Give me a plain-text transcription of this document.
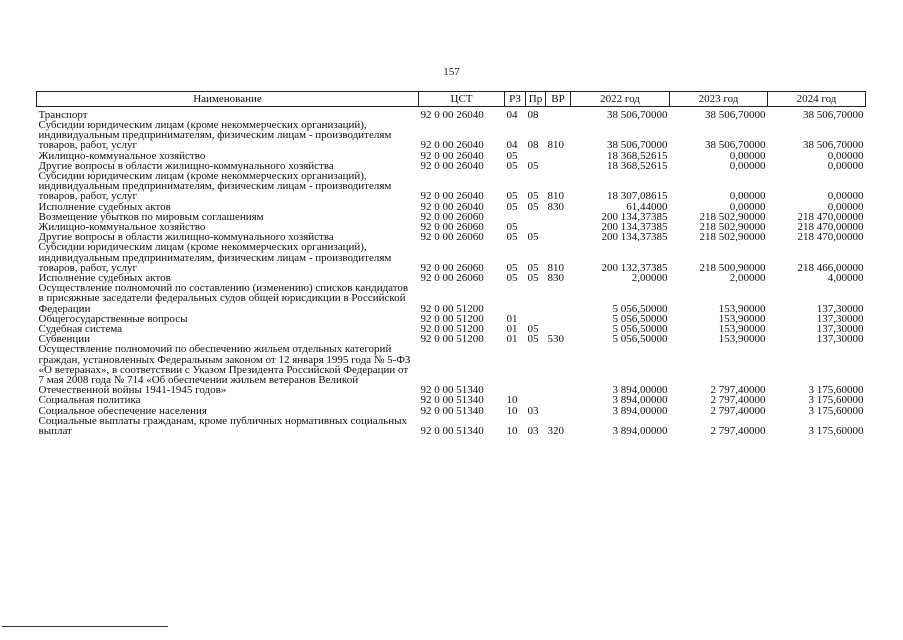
157
Наименование	ЦСТ	РЗ	Пр	ВР	2022 год	2023 год	2024 год
Транспорт	92 0 00 26040	04	08		38 506,70000	38 506,70000	38 506,70000
Субсидии юридическим лицам (кроме некоммерческих организаций), индивидуальным предпринимателям, физическим лицам - производителям товаров, работ, услуг	92 0 00 26040	04	08	810	38 506,70000	38 506,70000	38 506,70000
Жилищно-коммунальное хозяйство	92 0 00 26040	05			18 368,52615	0,00000	0,00000
Другие вопросы в области жилищно-коммунального хозяйства	92 0 00 26040	05	05		18 368,52615	0,00000	0,00000
Субсидии юридическим лицам (кроме некоммерческих организаций), индивидуальным предпринимателям, физическим лицам - производителям товаров, работ, услуг	92 0 00 26040	05	05	810	18 307,08615	0,00000	0,00000
Исполнение судебных актов	92 0 00 26040	05	05	830	61,44000	0,00000	0,00000
Возмещение убытков по мировым соглашениям	92 0 00 26060				200 134,37385	218 502,90000	218 470,00000
Жилищно-коммунальное хозяйство	92 0 00 26060	05			200 134,37385	218 502,90000	218 470,00000
Другие вопросы в области жилищно-коммунального хозяйства	92 0 00 26060	05	05		200 134,37385	218 502,90000	218 470,00000
Субсидии юридическим лицам (кроме некоммерческих организаций), индивидуальным предпринимателям, физическим лицам - производителям товаров, работ, услуг	92 0 00 26060	05	05	810	200 132,37385	218 500,90000	218 466,00000
Исполнение судебных актов	92 0 00 26060	05	05	830	2,00000	2,00000	4,00000
Осуществление полномочий по составлению (изменению) списков кандидатов в присяжные заседатели федеральных судов общей юрисдикции в Российской Федерации	92 0 00 51200				5 056,50000	153,90000	137,30000
Общегосударственные вопросы	92 0 00 51200	01			5 056,50000	153,90000	137,30000
Судебная система	92 0 00 51200	01	05		5 056,50000	153,90000	137,30000
Субвенции	92 0 00 51200	01	05	530	5 056,50000	153,90000	137,30000
Осуществление полномочий по обеспечению жильем отдельных категорий граждан, установленных Федеральным законом от 12 января 1995 года № 5-ФЗ «О ветеранах», в соответствии с Указом Президента Российской Федерации от 7 мая 2008 года № 714 «Об обеспечении жильем ветеранов Великой Отечественной войны 1941-1945 годов»	92 0 00 51340				3 894,00000	2 797,40000	3 175,60000
Социальная политика	92 0 00 51340	10			3 894,00000	2 797,40000	3 175,60000
Социальное обеспечение населения	92 0 00 51340	10	03		3 894,00000	2 797,40000	3 175,60000
Социальные выплаты гражданам, кроме публичных нормативных социальных выплат	92 0 00 51340	10	03	320	3 894,00000	2 797,40000	3 175,60000
